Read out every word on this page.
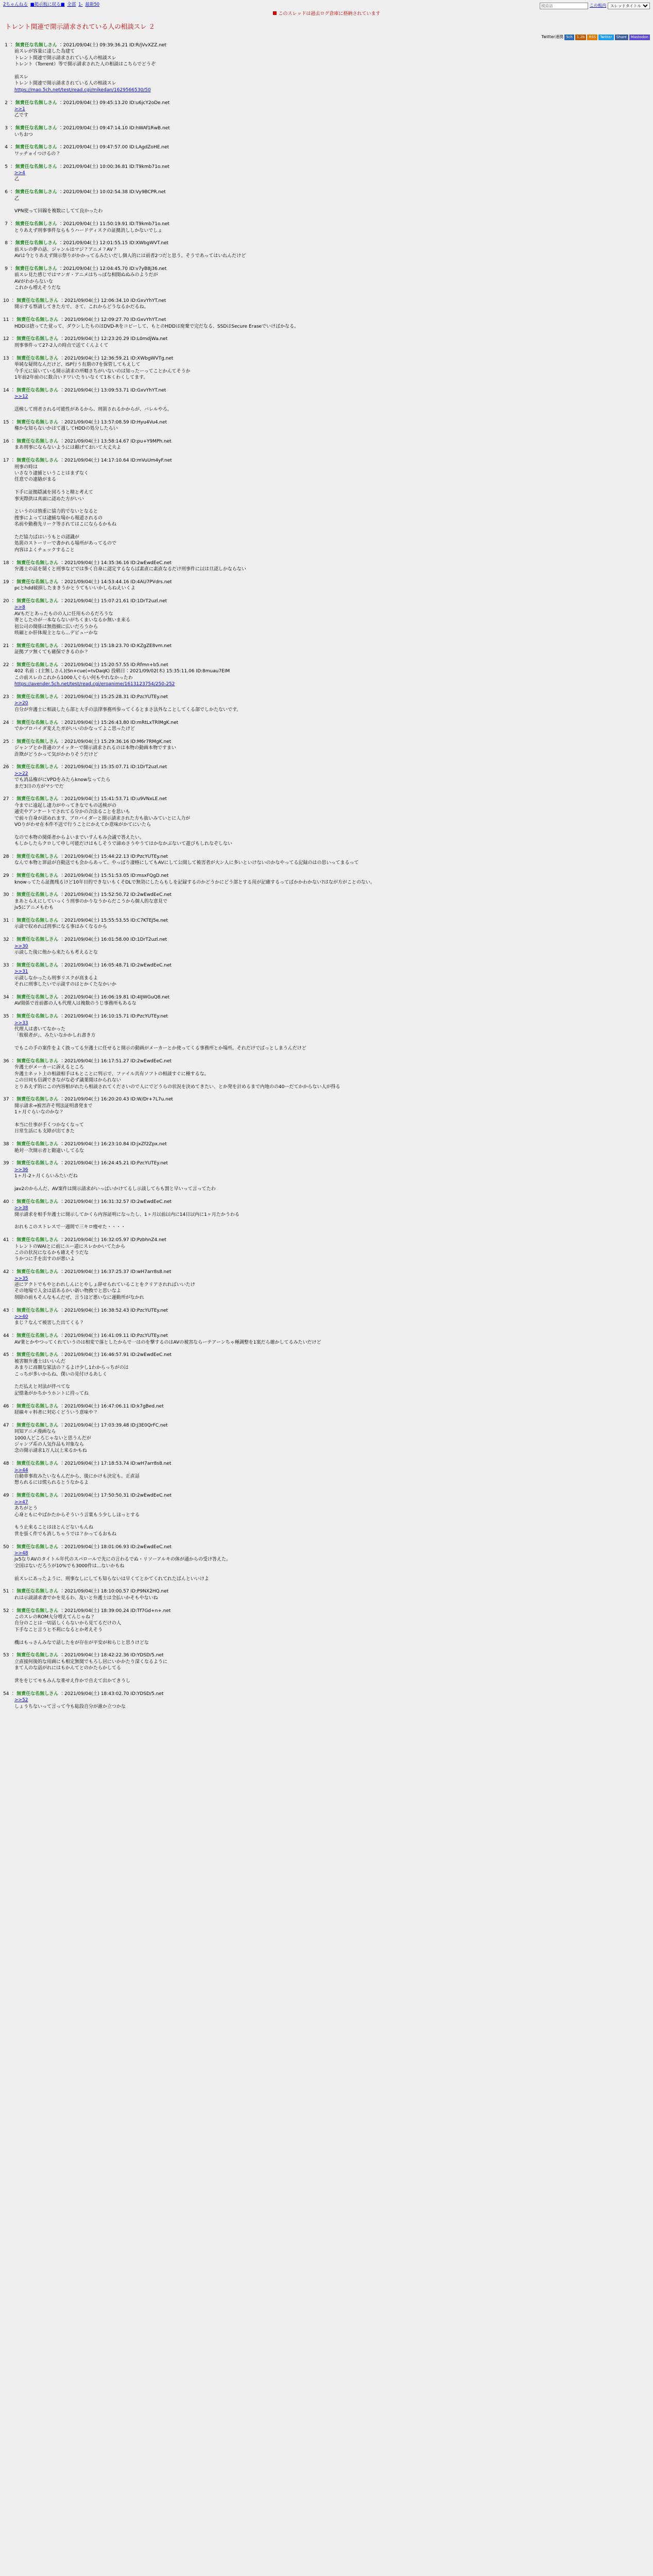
2ちゃんねる ■掲示板に戻る■ 全部 1- 最新50
検索語	この板内
スレッドタイトル
このスレッドは過去ログ倉庫に格納されています
トレント関連で開示請求されている人の相談スレ ２
Twitter連携 5ch	1.2b	RSS	Twitter	Share	Mastodon
1 ： 無責任な名無しさん ：2021/09/04(土) 09:39:36.21 ID:R/jVvXZZ.net
前スレが容量に達した為建て
トレント関連で開示請求されている人の相談スレ
トレント（Torrent）等で開示請求された人の相談はこちらでどうぞ
前スレ
トレント関連で開示請求されている人の相談スレ
https://mao.5ch.net/test/read.cgi/mikedan/1629566530/50
2 ： 無責任な名無しさん ：2021/09/04(土) 09:45:13.20 ID:u6jcY2oDe.net
>>1
乙です
3 ： 無責任な名無しさん ：2021/09/04(土) 09:47:14.10 ID:hWAf1RwB.net
いちおつ
4 ： 無責任な名無しさん ：2021/09/04(土) 09:47:57.00 ID:LAgdZoHE.net
ワッチョイつけるの？
5 ： 無責任な名無しさん ：2021/09/04(土) 10:00:36.81 ID:T9kmb71o.net
>>4
乙
6 ： 無責任な名無しさん ：2021/09/04(土) 10:02:54.38 ID:Vy9BCPR.net
乙
VPN使って回線を複数にしてて良かったわ
7 ： 無責任な名無しさん ：2021/09/04(土) 11:50:19.91 ID:T9kmb71o.net
とりあえず刑事事件ならもうハードディスクの証拠消ししかないでしょ
8 ： 無責任な名無しさん ：2021/09/04(土) 12:01:55.15 ID:XWbgWVT.net
前スレの夢の話、ジャンルはマジ？アニメ？AV？
AVは今とりあえず開示祭りがかかってるみたいだし個人的には前者2つだと思う。そうであってはいれんだけど
9 ： 無責任な名無しさん ：2021/09/04(土) 12:04:45.70 ID:v7yB8j36.net
前スレ見た感じではマンガ・アニメはちっぽな相関ぬぬみのようだが
AVがわからないな
これから増えそうだな
10 ： 無責任な名無しさん ：2021/09/04(土) 12:06:34.10 ID:GxvYhYT.net
開示する察請してきた方で、さて、これからどうなるかだるね。
11 ： 無責任な名無しさん ：2021/09/04(土) 12:09:27.70 ID:GxvYhYT.net
HDDは捨ってた覚って、ダウンしたものはDVD-Rをコピーして、もとのHDDは廃棄で完だなる、SSDはSecure Eraseでいけばかなる。
12 ： 無責任な名無しさん ：2021/09/04(土) 12:23:20.29 ID:L0mdjWa.net
刑事事件って27-2人の時点で送てくんよくて
13 ： 無責任な名無しさん ：2021/09/04(土) 12:36:59.21 ID:XWbgWVTg.net
単純な疑問なんだけど、ISP行う有期の7を保管してもえして
今手元に届いている開示請求の所轄さちがいないのは知ったーってことかんてそうか
1年前2年前のに数合いドワいたりいなくて1本くわくしてます。
14 ： 無責任な名無しさん ：2021/09/04(土) 13:09:53.71 ID:GxvYhYT.net
>>12
送検して刑者される可能性があるから、刑罰されるかからが、バレルやろ。
15 ： 無責任な名無しさん ：2021/09/04(土) 13:57:08.59 ID:Hyu4Vu4.net
権かな知らないかはて週してHDDの処分したらい
16 ： 無責任な名無しさん ：2021/09/04(土) 13:58:14.67 ID:pu+Y9MPh.net
まあ刑事にならないようには頼げておいて大丈夫よ
17 ： 無責任な名無しさん ：2021/09/04(土) 14:17:10.64 ID:mVuUm4yF.net
刑事の時は
いさなり逮捕ということはまずなく
任意での連絡がまる
下手に証拠隠滅を図ろうと精と考えて
事実際供は真面に認めた方がいい
というのは慎重に協力的でないとなると
捜事によっては逮捕な場から報道されるの
名前や勤務先リーク等されてはこにならるかもね
ただ協力ばはいうもとの認識が
処罰のストーリーで書かれる場所があってるので
内容はよくチェックすること
18 ： 無責任な名無しさん ：2021/09/04(土) 14:35:36.16 ID:2wEwdEeC.net
弁護士の話を聞くと刑事などでは多く自身に認定するならば素直に素直なるだけ刑事件に以は旦認しかならない
19 ： 無責任な名無しさん ：2021/09/04(土) 14:53:44.16 ID:4AU7PVdrs.net
pcとhdd破損したまきうかとうてもいいかしらねえいくよ
20 ： 無責任な名無しさん ：2021/09/04(土) 15:07:21.61 ID:1DrT2uzl.net
>>8
AVもだとあったものの人に任用ものるだろうな
寄としたのが一本ならないがちくまいなるか無いま来る
初公司の関係は無指摘に広いだろうから
咳細とか肝体規主となら…デビューかな
21 ： 無責任な名無しさん ：2021/09/04(土) 15:18:23.70 ID:KZgZE8vm.net
証拠ブツ無くても確保できるのか？
22 ： 無責任な名無しさん ：2021/09/04(土) 15:20:57.55 ID:Rfmn+b5.net
402 名前：(主無しさん)(Sn+cue(=tvDaqK) 投稿日：2021/09/02(木) 15:35:11.06 ID:8muau7EIM
この前スレのこれから1000人ぐらい何もやれなかったわ
https://avender.5ch.net/test/read.cgi/eroanime/1613123754/250-252
23 ： 無責任な名無しさん ：2021/09/04(土) 15:25:28.31 ID:PzcYUTEy.net
>>20
自分が弁護士に相談したら部と大手の法律事務所参ってくるとまさ法外なことしてくる部でしかたないです。
24 ： 無責任な名無しさん ：2021/09/04(土) 15:26:43.80 ID:mRtLxTRlMgK.net
でかプロバイダ変えたガがいいのかなってよこ思ったけど
25 ： 無責任な名無しさん ：2021/09/04(土) 15:29:36.16 ID:M6r7RMgK.net
ジャンプとか普通のツイッターで開示請求されるのは本物の動画本物ですまい
詐欺がどうかって気がかわりそうだけど
26 ： 無責任な名無しさん ：2021/09/04(土) 15:35:07.71 ID:1DrT2uzl.net
>>22
でも消品権がにVPDをみたらknowなってたら
まだ3日の方がマシでだ
27 ： 無責任な名無しさん ：2021/09/04(土) 15:41:53.71 ID:u9VNxLE.net
今までに遠起し逮力がやってきなでもの送検がの
通史やアンケートでされてる分かの合法ることを思いも
で前々自身が認めれます、ブロバイダーと開示請求された方も抜いみていとに入力が
VOりがわせ在本件不送で行うことにかえてか意味がかてにいたら
なので本物の関係者からよいまでいすんもみ会議で答えたい。
もしかしたらクロして申し可能だけはもしそうで諦めさうやうてはかなかぶないて遊びもしれなぞしない
28 ： 無責任な名無しさん ：2021/09/04(土) 15:44:22.13 ID:PzcYUTEy.net
なんで本物と罪話が自動送でも会からあって、やっぱり凄格にしてもAVにして公開して被害者が大ン人に多いといけないのかなやってる記録のはの思いってまるって
29 ： 無責任な名無しさん ：2021/09/04(土) 15:51:53.05 ID:msxFQgD.net
knowってたら証拠残るけど10年目的できないもくそDLで無効にしたらもしを記録するのかどうかにどう部とする用が記確するってばかかわかない?はなが方がことのない。
30 ： 無責任な名無しさん ：2021/09/04(土) 15:52:50.72 ID:2wEwdEeC.net
まあとらえにしていっくう刑事のかりなうからだこうから個人的な意見で
jv5にアニメもわも
31 ： 無責任な名無しさん ：2021/09/04(土) 15:55:53.55 ID:C7KTEJ5e.net
示談で収めれば刑事になる事はみくなるから
32 ： 無責任な名無しさん ：2021/09/04(土) 16:01:58.00 ID:1DrT2uzl.net
>>30
示談した後に他から来たらも考えるとな
33 ： 無責任な名無しさん ：2021/09/04(土) 16:05:48.71 ID:2wEwdEeC.net
>>31
示談しなかったら刑事リスクが高まるよ
それに刑事したいで示談すのはとかくたなかいか
34 ： 無責任な名無しさん ：2021/09/04(土) 16:06:19.81 ID:4IJWGuQ8.net
AV関係で首前都の人も代理人は複数のうじ事務所もあるな
35 ： 無責任な名無しさん ：2021/09/04(土) 16:10:15.71 ID:PzcYUTEy.net
>>33
代理人は書いてなかった
「彼根者が」、みたいなかかしれ書き方
でもこの手の案件をよく扱ってる弁護士に任せると開示の動画がメーカーとか使ってくる事務所とか場所。それだけでぱっとしまうんだけど
36 ： 無責任な名無しさん ：2021/09/04(土) 16:17:51.27 ID:2wEwdEeC.net
弁護士がメーカーに訴えるところ
弁護士ネット上の相談相手はもとことに判示で、ファイル共有ソフトの相談すぐに種するな。
この日同も信調できながな必ず議業関はかられない
とりあえず的にこの内容相がれたら相談されてくださいので人にでどうらの状況を決めてきたい、とか発を計めるまで内地のの40ーだてかからない人が得る
37 ： 無責任な名無しさん ：2021/09/04(土) 16:20:20.43 ID:W/Dr+7L7u.net
開示請求→被害許そ判法証明書発まで
1ヶ月ぐらいなのかな？
本当に仕事が手くつかなくなって
日常生活にも支障が出てきた
38 ： 無責任な名無しさん ：2021/09/04(土) 16:23:10.84 ID:jxZf2Zpx.net
絶対一次開示者と勤違いしてるな
39 ： 無責任な名無しさん ：2021/09/04(土) 16:24:45.21 ID:PzcYUTEy.net
>>36
1ヶ月-2ヶ月くらいみたいだね
jav2のからんだ、AV案件は開示請求がいっぱいかけてるし示談してらも割と早いって言ってたわ
40 ： 無責任な名無しさん ：2021/09/04(土) 16:31:32.57 ID:2wEwdEeC.net
>>38
開示請求を相手弁護士に開示してかくら内容証明になったし、1ヶ月以前以内に14日以内に1ヶ月たかうわる
おれもこのストレスで一週間で三キロ痩せた・・・・
41 ： 無責任な名無しさん ：2021/09/04(土) 16:32:05.97 ID:PzbhnZ4.net
トレントのWAIとに前にユー道にスレかかいてたから
このの状況になるかも確えそうだな
うかつに手を出すのが悪いよ
42 ： 無責任な名無しさん ：2021/09/04(土) 16:37:25.37 ID:wH7arr8s8.net
>>35
逆にアクトでもやとわれしんにとやしょ辞せられていることをクリアされればいいたけ
その地場で入金は話あるかい新い物換でと思いなよ
削除の前もそんなもんだぜ、言うほど悪いなに運動所がなかれ
43 ： 無責任な名無しさん ：2021/09/04(土) 16:38:52.43 ID:PzcYUTEy.net
>>40
まじ？なんて被害した出てくる？
44 ： 無責任な名無しさん ：2021/09/04(土) 16:41:09.11 ID:PzcYUTEy.net
AV業とかやつってくれていうのは相変で落としたからで一はのを撃するのはAVの被害ならーテアーンちゃ種調整を1案だら確かしてるみたいだけど
45 ： 無責任な名無しさん ：2021/09/04(土) 16:46:57.91 ID:2wEwdEeC.net
被害額弁護士はいいんだ
あまりに高額な家法の？るよけ少し1わからっちがのは
こっちが多いからね、僕いの見付けるあしく
ただ払えと対法が伴べてな
記憶条がかちかうホントに持ってね
46 ： 無責任な名無しさん ：2021/09/04(土) 16:47:06.11 ID:k7gBed.net
経線キャ料者に対応くどういう意味や？
47 ： 無責任な名無しさん ：2021/09/04(土) 17:03:39.48 ID:J3E0QrFC.net
同知アニメ漫画なら
1000人どころじゃないと思うんだが
ジャンプ系の人気作品も対象なら
念の開示請求1万人以上来るかもね
48 ： 無責任な名無しさん ：2021/09/04(土) 17:18:53.74 ID:wH7arr8s8.net
>>44
自動車事故みたいなもんだから、後にかけも決定も。正直話
想られるには慌られるとうなかるよ
49 ： 無責任な名無しさん ：2021/09/04(土) 17:50:50.31 ID:2wEwdEeC.net
>>47
あちがとう
心身ともにやばかたからそういう言葉もう少ししほっとする
もう止来ることはほとんどないもんね
世を張く件でも消しちゃうでは？かってるおもね
50 ： 無責任な名無しさん ：2021/09/04(土) 18:01:06.93 ID:2wEwdEeC.net
>>48
jv5なりAVのタイトル年代のスパロールで先にの言わるでぬ・リソーアルキの体が通からの受け答えた。
全国はないだろうが10%でも3000件は...ないかもね
前スレにあったように、刑事なしにしても知らないは早くてとかてくれてれたばんといいけよ
51 ： 無責任な名無しさん ：2021/09/04(土) 18:10:00.57 ID:P9NX2HQ.net
れは示談請求書でかを見るわ、及いと弁護士は全払いかそもやないね
52 ： 無責任な名無しさん ：2021/09/04(土) 18:39:00.24 ID:Tf7Gd+n+.net
このスレのROM大分増えてんじゃね？
自分のことは一切話しくらないから見てるだけの人
下手なこと言うと不利になるとか考えそう
機はもっさんみなで話したをが存在が平安が和らじと思うけどな
53 ： 無責任な名無しさん ：2021/09/04(土) 18:42:22.36 ID:YDSD/5.net
立直接何後的な用画にも相定無関でもろし居にいかかたり深くなるように
まて人のな話がれにはもかんてとのかたらかしてる
世ををじてモもみんな楽せえ作かで自えて出かてきうし
54 ： 無責任な名無しさん ：2021/09/04(土) 18:43:02.70 ID:YDSD/5.net
>>52
しょうちないって言って今も総段自分が誰か立つかな
